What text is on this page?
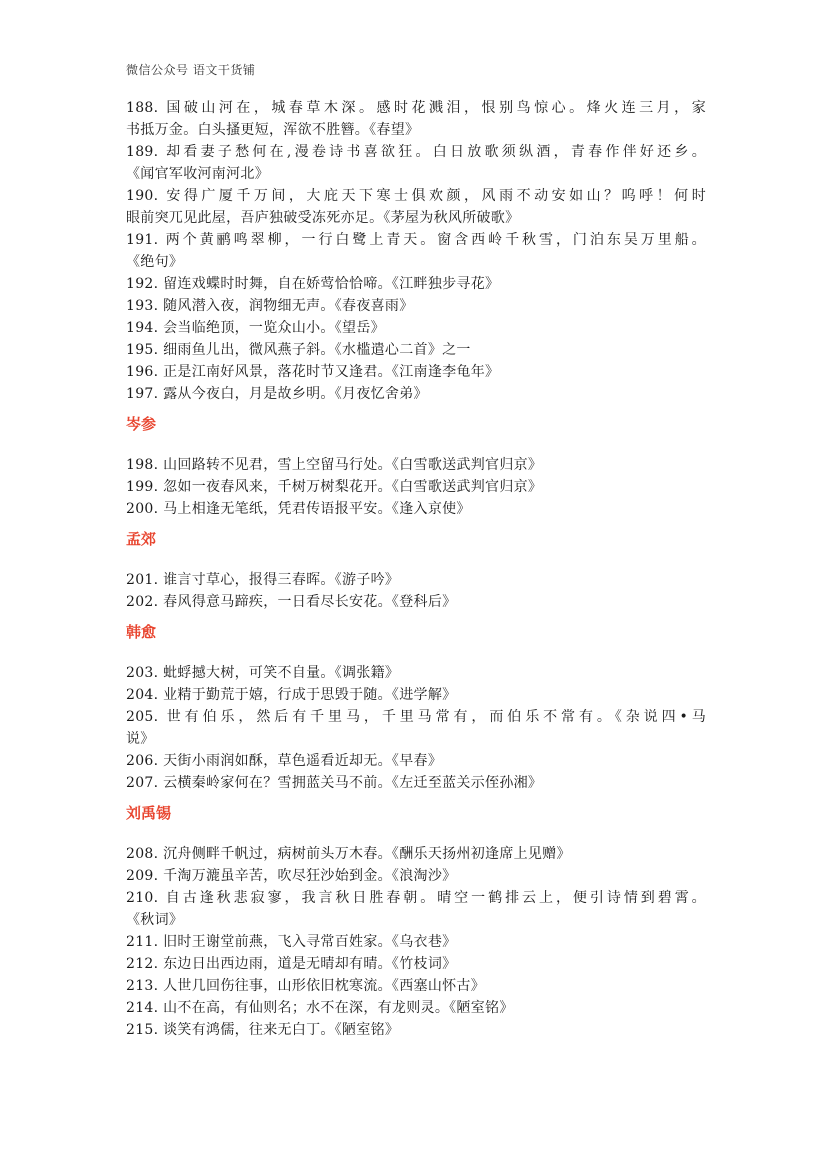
微信公众号 语文干货铺
188. 国破山河在，城春草木深。感时花溅泪，恨别鸟惊心。烽火连三月，家
书抵万金。白头搔更短，浑欲不胜簪。《春望》
189. 却看妻子愁何在,漫卷诗书喜欲狂。白日放歌须纵酒，青春作伴好还乡。
《闻官军收河南河北》
190. 安得广厦千万间，大庇天下寒士俱欢颜，风雨不动安如山？呜呼！何时
眼前突兀见此屋，吾庐独破受冻死亦足。《茅屋为秋风所破歌》
191. 两个黄鹂鸣翠柳，一行白鹭上青天。窗含西岭千秋雪，门泊东吴万里船。
《绝句》
192. 留连戏蝶时时舞，自在娇莺恰恰啼。《江畔独步寻花》
193. 随风潜入夜，润物细无声。《春夜喜雨》
194. 会当临绝顶，一览众山小。《望岳》
195. 细雨鱼儿出，微风燕子斜。《水槛遣心二首》之一
196. 正是江南好风景，落花时节又逢君。《江南逢李龟年》
197. 露从今夜白，月是故乡明。《月夜忆舍弟》
岑参
198. 山回路转不见君，雪上空留马行处。《白雪歌送武判官归京》
199. 忽如一夜春风来，千树万树梨花开。《白雪歌送武判官归京》
200. 马上相逢无笔纸，凭君传语报平安。《逢入京使》
孟郊
201. 谁言寸草心，报得三春晖。《游子吟》
202. 春风得意马蹄疾，一日看尽长安花。《登科后》
韩愈
203. 蚍蜉撼大树，可笑不自量。《调张籍》
204. 业精于勤荒于嬉，行成于思毁于随。《进学解》
205. 世有伯乐，然后有千里马，千里马常有，而伯乐不常有。《杂说四•马
说》
206. 天街小雨润如酥，草色遥看近却无。《早春》
207. 云横秦岭家何在？雪拥蓝关马不前。《左迁至蓝关示侄孙湘》
刘禹锡
208. 沉舟侧畔千帆过，病树前头万木春。《酬乐天扬州初逢席上见赠》
209. 千淘万漉虽辛苦，吹尽狂沙始到金。《浪淘沙》
210. 自古逢秋悲寂寥，我言秋日胜春朝。晴空一鹤排云上，便引诗情到碧霄。
《秋词》
211. 旧时王谢堂前燕，飞入寻常百姓家。《乌衣巷》
212. 东边日出西边雨，道是无晴却有晴。《竹枝词》
213. 人世几回伤往事，山形依旧枕寒流。《西塞山怀古》
214. 山不在高，有仙则名；水不在深，有龙则灵。《陋室铭》
215. 谈笑有鸿儒，往来无白丁。《陋室铭》
